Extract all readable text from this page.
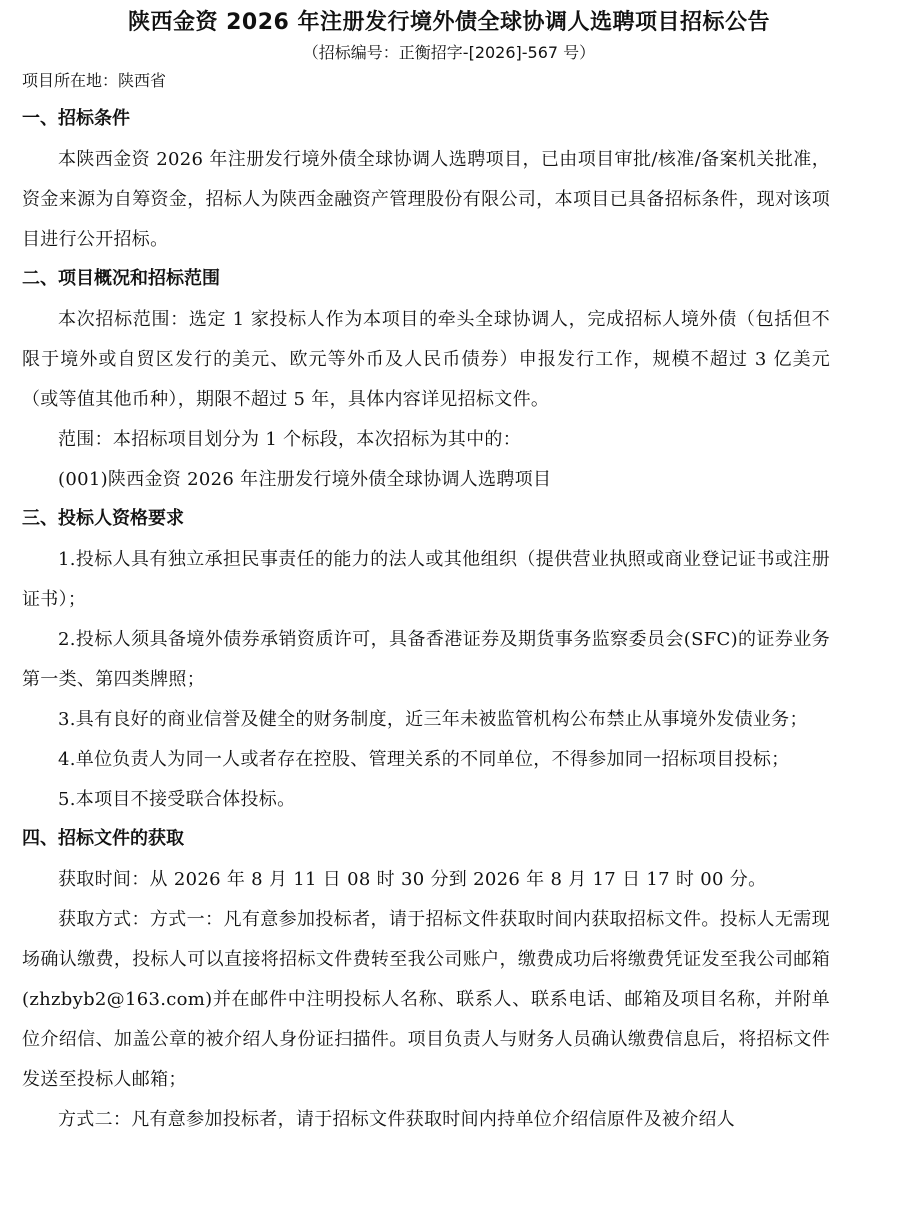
陕西金资 2026 年注册发行境外债全球协调人选聘项目招标公告
（招标编号：正衡招字-[2026]-567 号）
项目所在地：陕西省
一、招标条件

本陕西金资 2026 年注册发行境外债全球协调人选聘项目，已由项目审批/核准/备案机关批准，资金来源为自筹资金，招标人为陕西金融资产管理股份有限公司，本项目已具备招标条件，现对该项目进行公开招标。

二、项目概况和招标范围

本次招标范围：选定 1 家投标人作为本项目的牵头全球协调人，完成招标人境外债（包括但不限于境外或自贸区发行的美元、欧元等外币及人民币债券）申报发行工作，规模不超过 3 亿美元（或等值其他币种），期限不超过 5 年，具体内容详见招标文件。

范围：本招标项目划分为 1 个标段，本次招标为其中的：

(001)陕西金资 2026 年注册发行境外债全球协调人选聘项目

三、投标人资格要求

1.投标人具有独立承担民事责任的能力的法人或其他组织（提供营业执照或商业登记证书或注册证书）；

2.投标人须具备境外债券承销资质许可，具备香港证券及期货事务监察委员会(SFC)的证券业务第一类、第四类牌照；

3.具有良好的商业信誉及健全的财务制度，近三年未被监管机构公布禁止从事境外发债业务；

4.单位负责人为同一人或者存在控股、管理关系的不同单位，不得参加同一招标项目投标；

5.本项目不接受联合体投标。

四、招标文件的获取

获取时间：从 2026 年 8 月 11 日 08 时 30 分到 2026 年 8 月 17 日 17 时 00 分。

获取方式：方式一：凡有意参加投标者，请于招标文件获取时间内获取招标文件。投标人无需现场确认缴费，投标人可以直接将招标文件费转至我公司账户，缴费成功后将缴费凭证发至我公司邮箱(zhzbyb2@163.com)并在邮件中注明投标人名称、联系人、联系电话、邮箱及项目名称，并附单位介绍信、加盖公章的被介绍人身份证扫描件。项目负责人与财务人员确认缴费信息后，将招标文件发送至投标人邮箱；

方式二：凡有意参加投标者，请于招标文件获取时间内持单位介绍信原件及被介绍人
